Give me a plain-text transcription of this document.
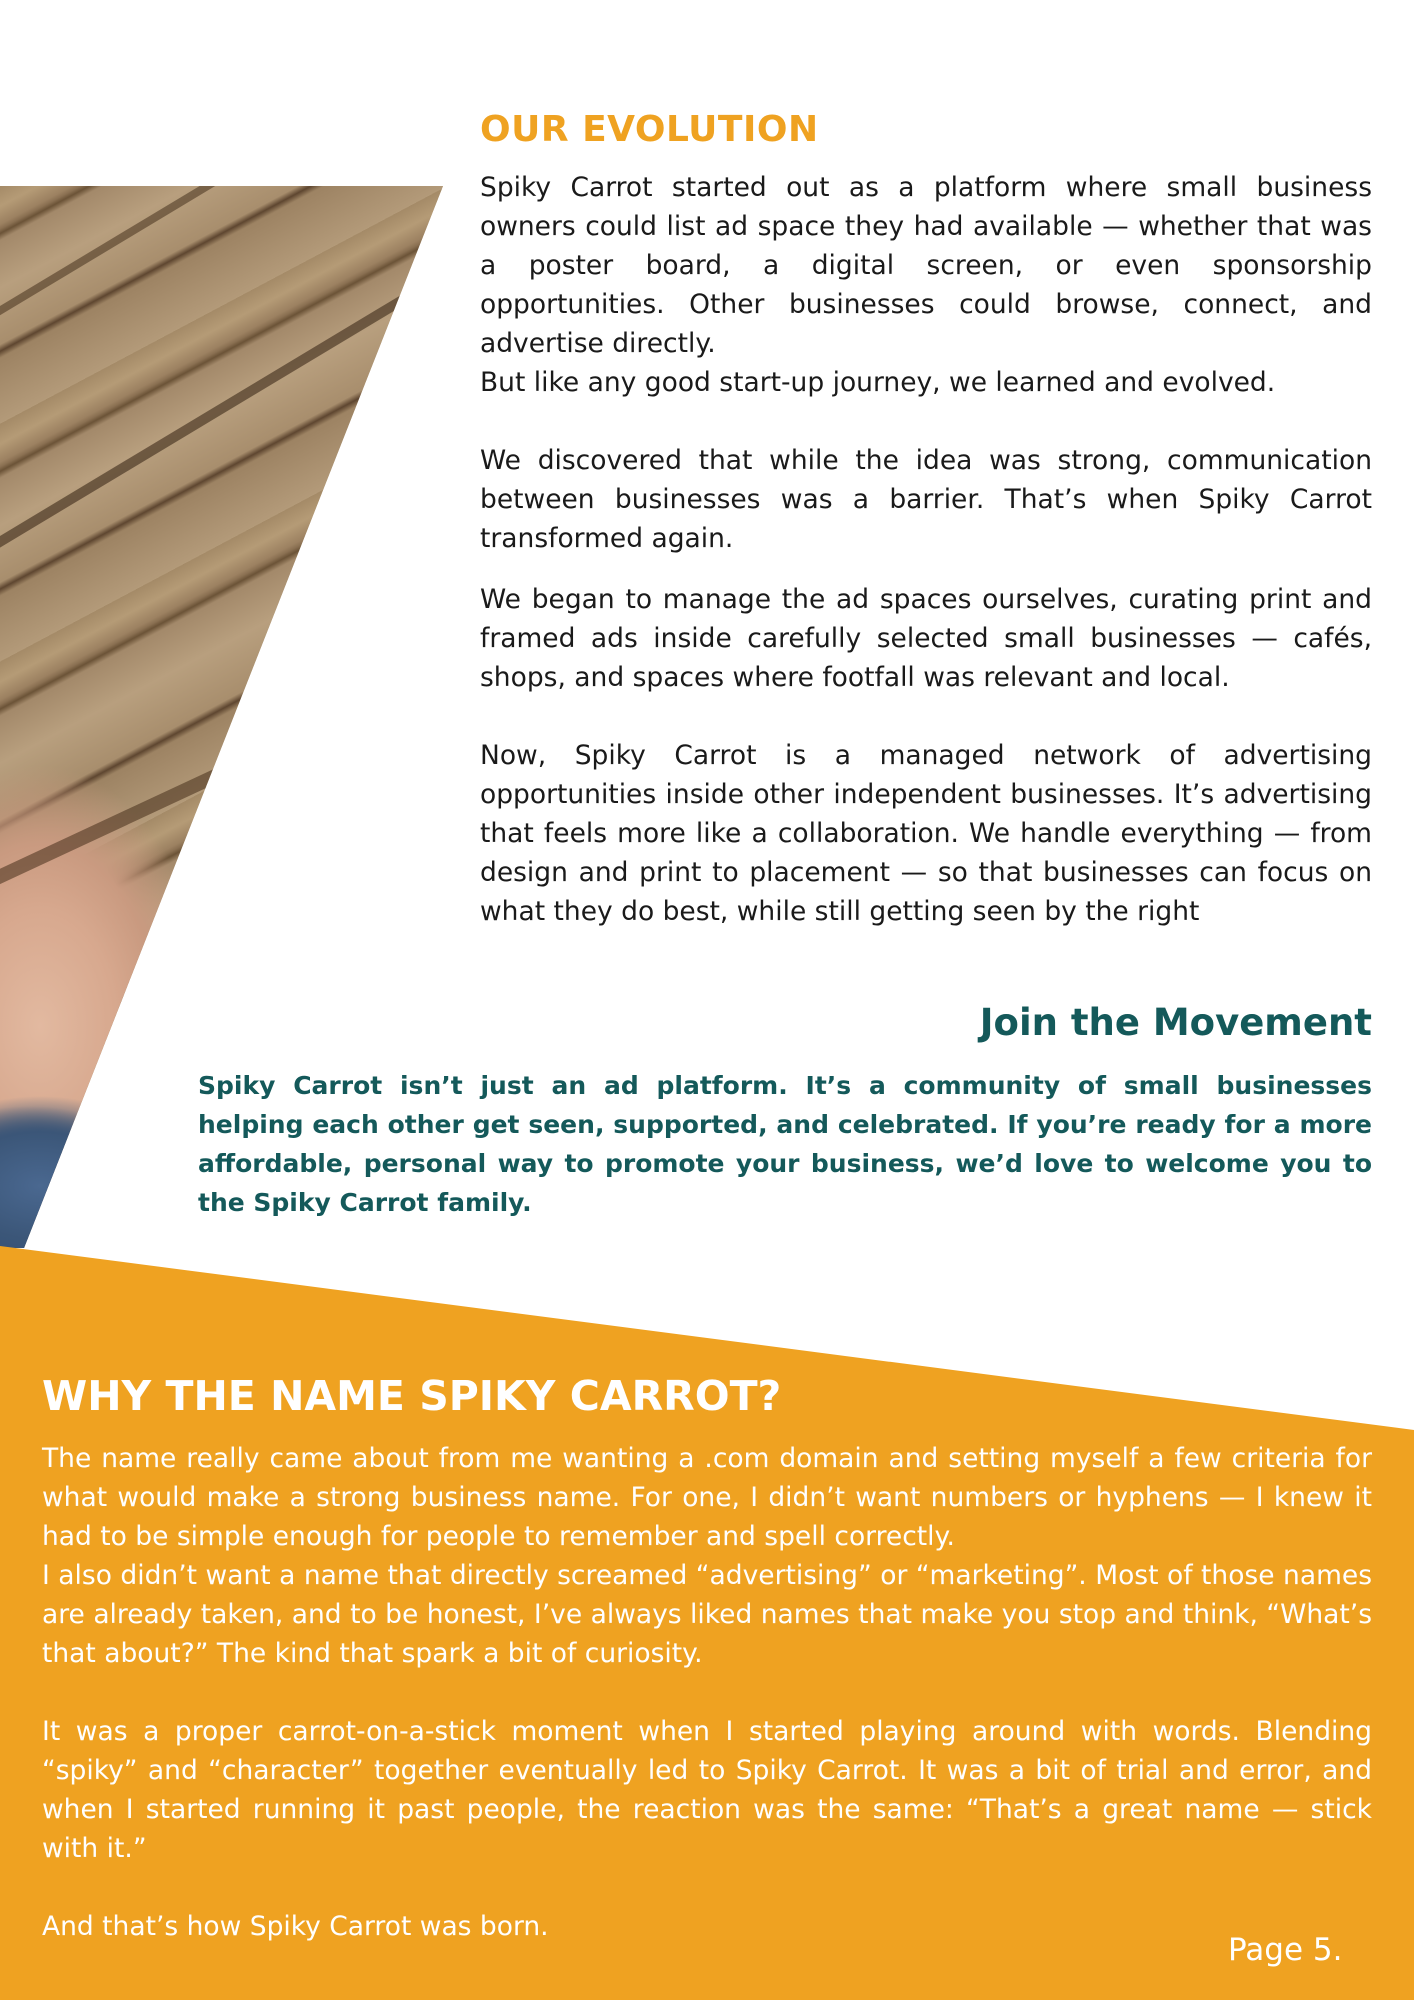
OUR EVOLUTION

Spiky Carrot started out as a platform where small business owners could list ad space they had available — whether that was a poster board, a digital screen, or even sponsorship opportunities. Other businesses could browse, connect, and advertise directly.

But like any good start-up journey, we learned and evolved.

We discovered that while the idea was strong, communication between businesses was a barrier. That’s when Spiky Carrot transformed again.

We began to manage the ad spaces ourselves, curating print and framed ads inside carefully selected small businesses — cafés, shops, and spaces where footfall was relevant and local.

Now, Spiky Carrot is a managed network of advertising opportunities inside other independent businesses. It’s advertising that feels more like a collaboration. We handle everything — from design and print to placement — so that businesses can focus on what they do best, while still getting seen by the right

Join the Movement

Spiky Carrot isn’t just an ad platform. It’s a community of small businesses helping each other get seen, supported, and celebrated. If you’re ready for a more affordable, personal way to promote your business, we’d love to welcome you to the Spiky Carrot family.

WHY THE NAME SPIKY CARROT?

The name really came about from me wanting a .com domain and setting myself a few criteria for what would make a strong business name. For one, I didn’t want numbers or hyphens — I knew it had to be simple enough for people to remember and spell correctly.

I also didn’t want a name that directly screamed “advertising” or “marketing”. Most of those names are already taken, and to be honest, I’ve always liked names that make you stop and think, “What’s that about?” The kind that spark a bit of curiosity.

It was a proper carrot-on-a-stick moment when I started playing around with words. Blending “spiky” and “character” together eventually led to Spiky Carrot. It was a bit of trial and error, and when I started running it past people, the reaction was the same: “That’s a great name — stick with it.”

And that’s how Spiky Carrot was born.

Page 5.
